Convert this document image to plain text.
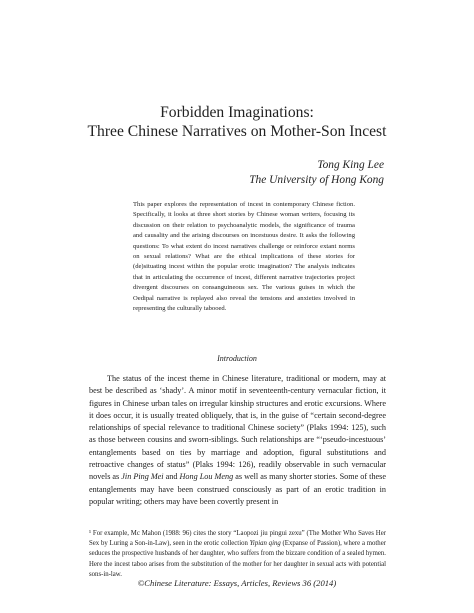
Forbidden Imaginations:
Three Chinese Narratives on Mother-Son Incest
Tong King Lee
The University of Hong Kong
This paper explores the representation of incest in contemporary Chinese fiction. Specifically, it looks at three short stories by Chinese woman writers, focusing its discussion on their relation to psychoanalytic models, the significance of trauma and causality and the arising discourses on incestuous desire. It asks the following questions: To what extent do incest narratives challenge or reinforce extant norms on sexual relations? What are the ethical implications of these stories for (de)situating incest within the popular erotic imagination? The analysis indicates that in articulating the occurrence of incest, different narrative trajectories project divergent discourses on consanguineous sex. The various guises in which the Oedipal narrative is replayed also reveal the tensions and anxieties involved in representing the culturally tabooed.
Introduction

The status of the incest theme in Chinese literature, traditional or modern, may at best be described as ‘shady’. A minor motif in seventeenth-century vernacular fiction, it figures in Chinese urban tales on irregular kinship structures and erotic excursions. Where it does occur, it is usually treated obliquely, that is, in the guise of “certain second-degree relationships of special relevance to traditional Chinese society” (Plaks 1994: 125), such as those between cousins and sworn-siblings. Such relationships are “‘pseudo-incestuous’ entanglements based on ties by marriage and adoption, figural substitutions and retroactive changes of status” (Plaks 1994: 126), readily observable in such vernacular novels as Jin Ping Mei and Hong Lou Meng as well as many shorter stories. Some of these entanglements may have been construed consciously as part of an erotic tradition in popular writing; others may have been covertly present in

¹ For example, Mc Mahon (1988: 96) cites the story “Laopozi jiu pingui zexu” (The Mother Who Saves Her Sex by Luring a Son-in-Law), seen in the erotic collection Yipian qing (Expanse of Passion), where a mother seduces the prospective husbands of her daughter, who suffers from the bizzare condition of a sealed hymen. Here the incest taboo arises from the substitution of the mother for her daughter in sexual acts with potential sons-in-law.
©Chinese Literature: Essays, Articles, Reviews 36 (2014)
